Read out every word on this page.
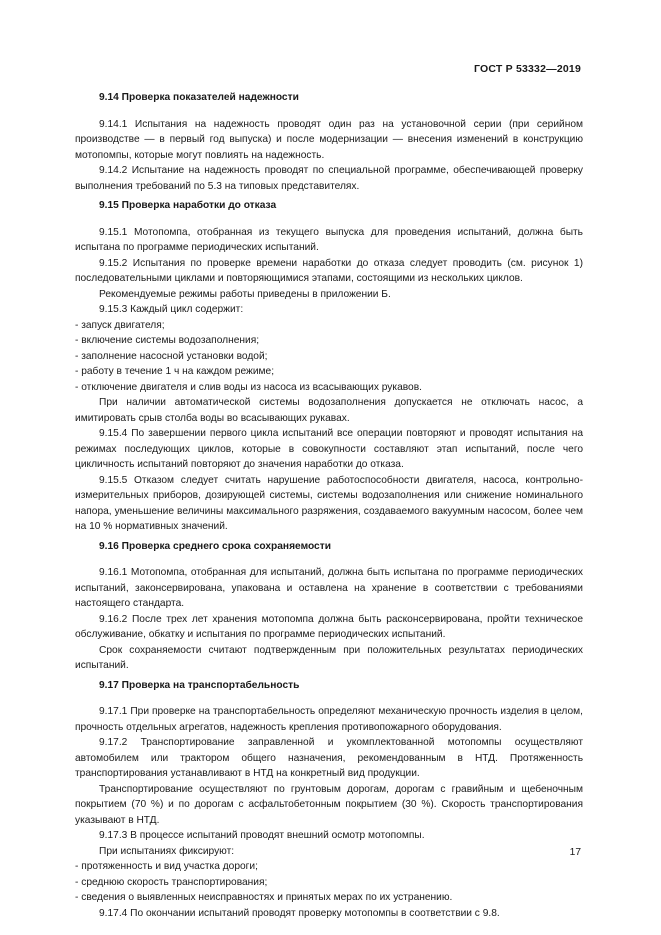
ГОСТ Р 53332—2019
9.14 Проверка показателей надежности

9.14.1 Испытания на надежность проводят один раз на установочной серии (при серийном производстве — в первый год выпуска) и после модернизации — внесения изменений в конструкцию мотопомпы, которые могут повлиять на надежность.

9.14.2 Испытание на надежность проводят по специальной программе, обеспечивающей проверку выполнения требований по 5.3 на типовых представителях.

9.15 Проверка наработки до отказа

9.15.1 Мотопомпа, отобранная из текущего выпуска для проведения испытаний, должна быть испытана по программе периодических испытаний.

9.15.2 Испытания по проверке времени наработки до отказа следует проводить (см. рисунок 1) последовательными циклами и повторяющимися этапами, состоящими из нескольких циклов.

Рекомендуемые режимы работы приведены в приложении Б.

9.15.3 Каждый цикл содержит:

- запуск двигателя;

- включение системы водозаполнения;

- заполнение насосной установки водой;

- работу в течение 1 ч на каждом режиме;

- отключение двигателя и слив воды из насоса из всасывающих рукавов.

При наличии автоматической системы водозаполнения допускается не отключать насос, а имитировать срыв столба воды во всасывающих рукавах.

9.15.4 По завершении первого цикла испытаний все операции повторяют и проводят испытания на режимах последующих циклов, которые в совокупности составляют этап испытаний, после чего цикличность испытаний повторяют до значения наработки до отказа.

9.15.5 Отказом следует считать нарушение работоспособности двигателя, насоса, контрольно-измерительных приборов, дозирующей системы, системы водозаполнения или снижение номинального напора, уменьшение величины максимального разряжения, создаваемого вакуумным насосом, более чем на 10 % нормативных значений.

9.16 Проверка среднего срока сохраняемости

9.16.1 Мотопомпа, отобранная для испытаний, должна быть испытана по программе периодических испытаний, законсервирована, упакована и оставлена на хранение в соответствии с требованиями настоящего стандарта.

9.16.2 После трех лет хранения мотопомпа должна быть расконсервирована, пройти техническое обслуживание, обкатку и испытания по программе периодических испытаний.

Срок сохраняемости считают подтвержденным при положительных результатах периодических испытаний.

9.17 Проверка на транспортабельность

9.17.1 При проверке на транспортабельность определяют механическую прочность изделия в целом, прочность отдельных агрегатов, надежность крепления противопожарного оборудования.

9.17.2 Транспортирование заправленной и укомплектованной мотопомпы осуществляют автомобилем или трактором общего назначения, рекомендованным в НТД. Протяженность транспортирования устанавливают в НТД на конкретный вид продукции.

Транспортирование осуществляют по грунтовым дорогам, дорогам с гравийным и щебеночным покрытием (70 %) и по дорогам с асфальтобетонным покрытием (30 %). Скорость транспортирования указывают в НТД.

9.17.3 В процессе испытаний проводят внешний осмотр мотопомпы.

При испытаниях фиксируют:

- протяженность и вид участка дороги;

- среднюю скорость транспортирования;

- сведения о выявленных неисправностях и принятых мерах по их устранению.

9.17.4 По окончании испытаний проводят проверку мотопомпы в соответствии с 9.8.

17
